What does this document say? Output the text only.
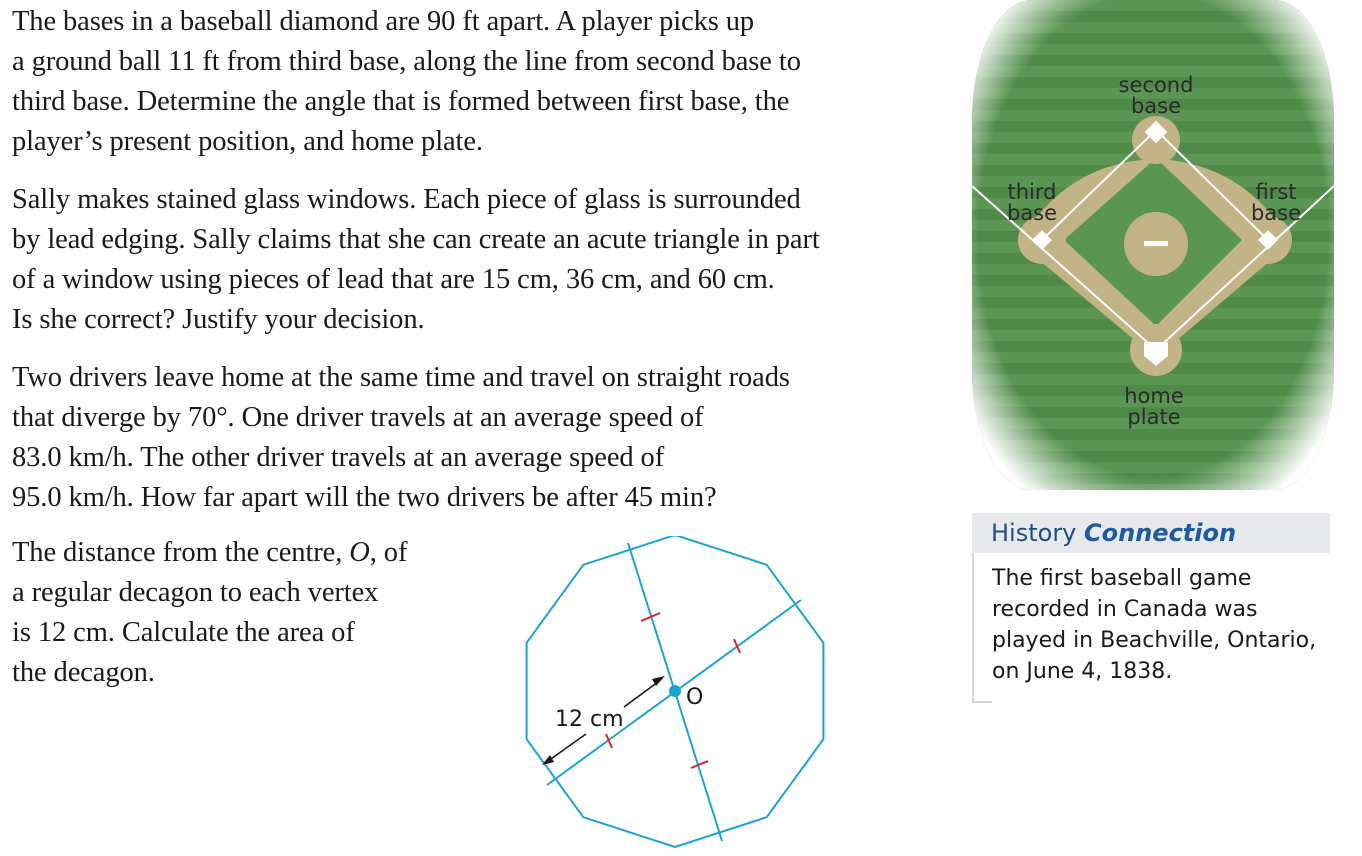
The bases in a baseball diamond are 90 ft apart. A player picks up
a ground ball 11 ft from third base, along the line from second base to
third base. Determine the angle that is formed between first base, the
player’s present position, and home plate.

Sally makes stained glass windows. Each piece of glass is surrounded
by lead edging. Sally claims that she can create an acute triangle in part
of a window using pieces of lead that are 15 cm, 36 cm, and 60 cm.
Is she correct? Justify your decision.

Two drivers leave home at the same time and travel on straight roads
that diverge by 70°. One driver travels at an average speed of
83.0 km/h. The other driver travels at an average speed of
95.0 km/h. How far apart will the two drivers be after 45 min?

The distance from the centre, O, of
a regular decagon to each vertex
is 12 cm. Calculate the area of
the decagon.

second
base
third
base
first
base
home
plate
O
12 cm
History Connection

The first baseball game
recorded in Canada was
played in Beachville, Ontario,
on June 4, 1838.
